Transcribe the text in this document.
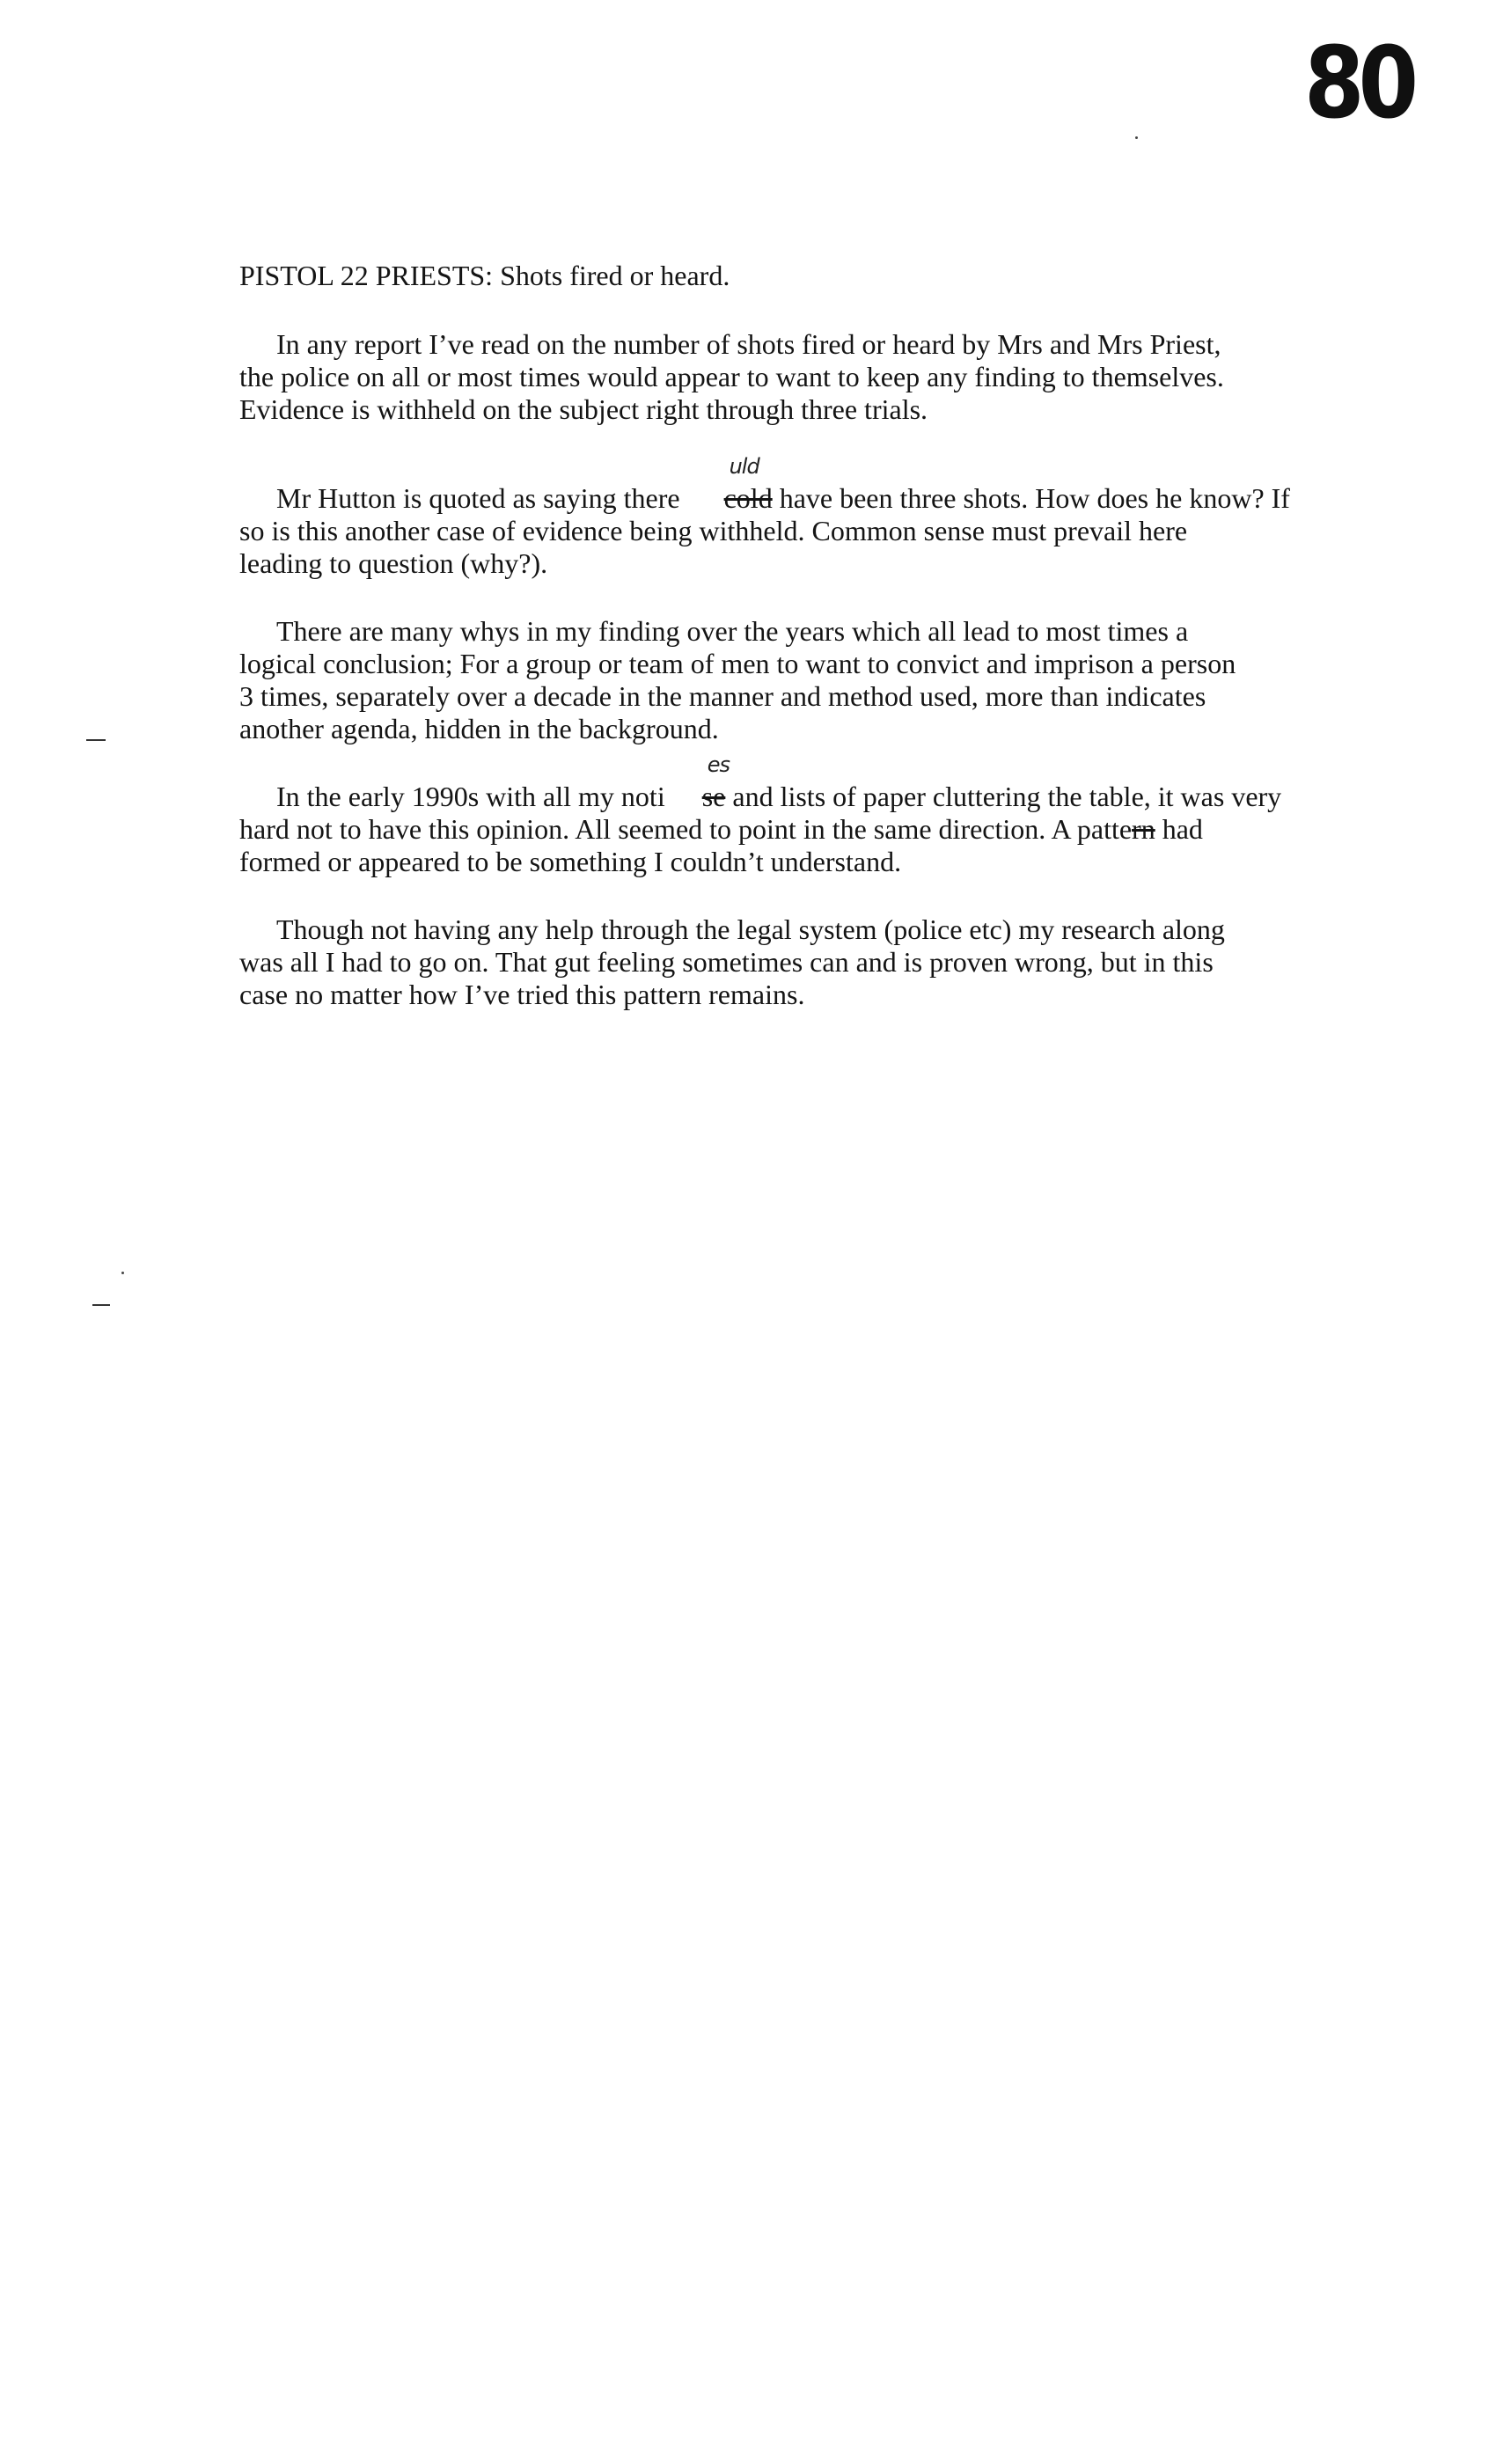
80
PISTOL 22 PRIESTS: Shots fired or heard.
In any report I’ve read on the number of shots fired or heard by Mrs and Mrs Priest,
the police on all or most times would appear to want to keep any finding to themselves.
Evidence is withheld on the subject right through three trials.
Mr Hutton is quoted as saying there
uld
cold have been three shots. How does he know? If
so is this another case of evidence being withheld. Common sense must prevail here
leading to question (why?).
There are many whys in my finding over the years which all lead to most times a
logical conclusion; For a group or team of men to want to convict and imprison a person
3 times, separately over a decade in the manner and method used, more than indicates
another agenda, hidden in the background.
In the early 1990s with all my noti
es
se and lists of paper cluttering the table, it was very
hard not to have this opinion. All seemed to point in the same direction. A pattern had
formed or appeared to be something I couldn’t understand.
Though not having any help through the legal system (police etc) my research along
was all I had to go on. That gut feeling sometimes can and is proven wrong, but in this
case no matter how I’ve tried this pattern remains.
